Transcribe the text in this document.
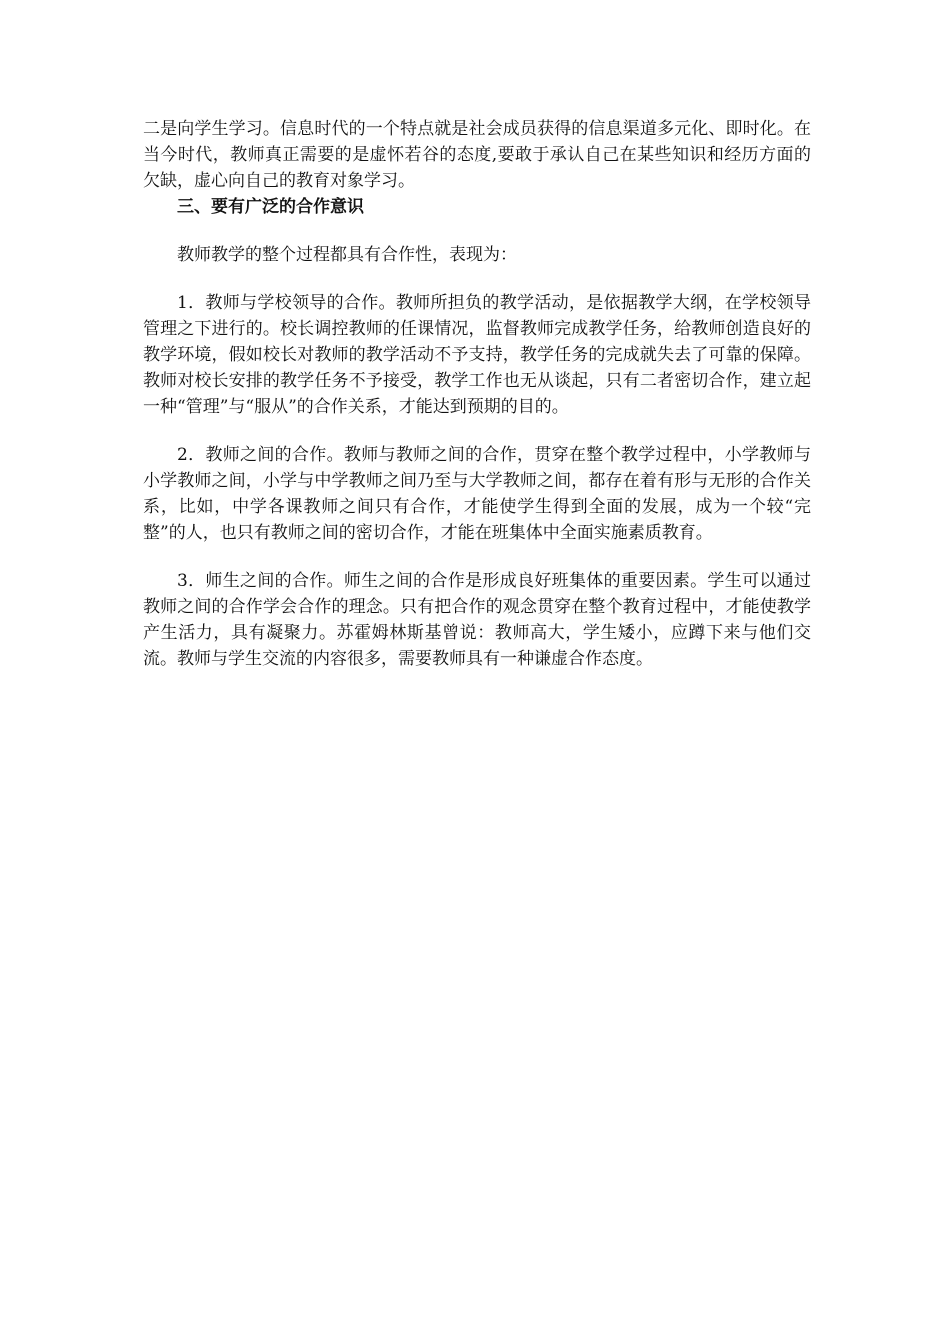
二是向学生学习。信息时代的一个特点就是社会成员获得的信息渠道多元化、即时化。在当今时代，教师真正需要的是虚怀若谷的态度,要敢于承认自己在某些知识和经历方面的欠缺，虚心向自己的教育对象学习。

三、要有广泛的合作意识

教师教学的整个过程都具有合作性，表现为：

1．教师与学校领导的合作。教师所担负的教学活动，是依据教学大纲，在学校领导管理之下进行的。校长调控教师的任课情况，监督教师完成教学任务，给教师创造良好的教学环境，假如校长对教师的教学活动不予支持，教学任务的完成就失去了可靠的保障。教师对校长安排的教学任务不予接受，教学工作也无从谈起，只有二者密切合作，建立起一种“管理”与“服从”的合作关系，才能达到预期的目的。

2．教师之间的合作。教师与教师之间的合作，贯穿在整个教学过程中，小学教师与小学教师之间，小学与中学教师之间乃至与大学教师之间，都存在着有形与无形的合作关系，比如，中学各课教师之间只有合作，才能使学生得到全面的发展，成为一个较“完整”的人，也只有教师之间的密切合作，才能在班集体中全面实施素质教育。

3．师生之间的合作。师生之间的合作是形成良好班集体的重要因素。学生可以通过教师之间的合作学会合作的理念。只有把合作的观念贯穿在整个教育过程中，才能使教学产生活力，具有凝聚力。苏霍姆林斯基曾说：教师高大，学生矮小，应蹲下来与他们交流。教师与学生交流的内容很多，需要教师具有一种谦虚合作态度。
